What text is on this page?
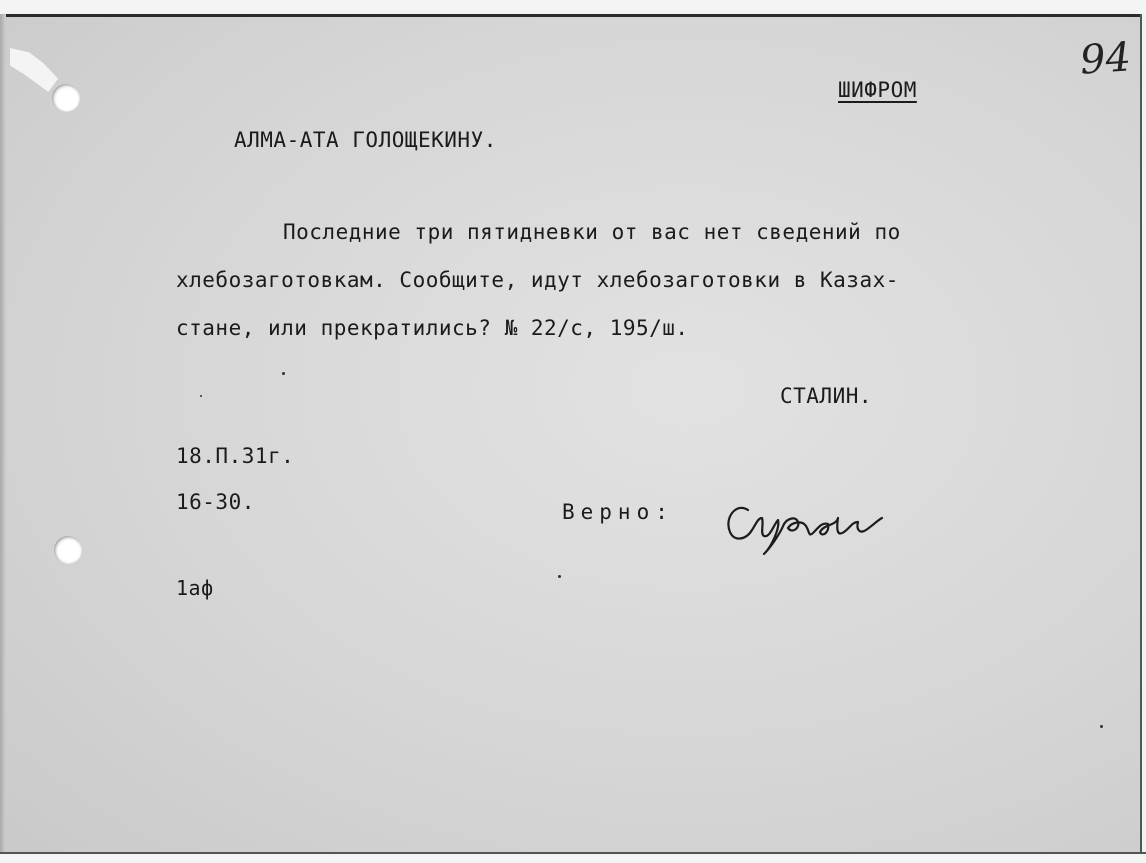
94

ШИФРОМ

АЛМА-АТА ГОЛОЩЕКИНУ.

Последние три пятидневки от вас нет сведений по

хлебозаготовкам. Сообщите, идут хлебозаготовки в Казах-

стане, или прекратились? № 22/с, 195/ш.

СТАЛИН.

18.П.31г.

16-30.	Верно:

1аф
